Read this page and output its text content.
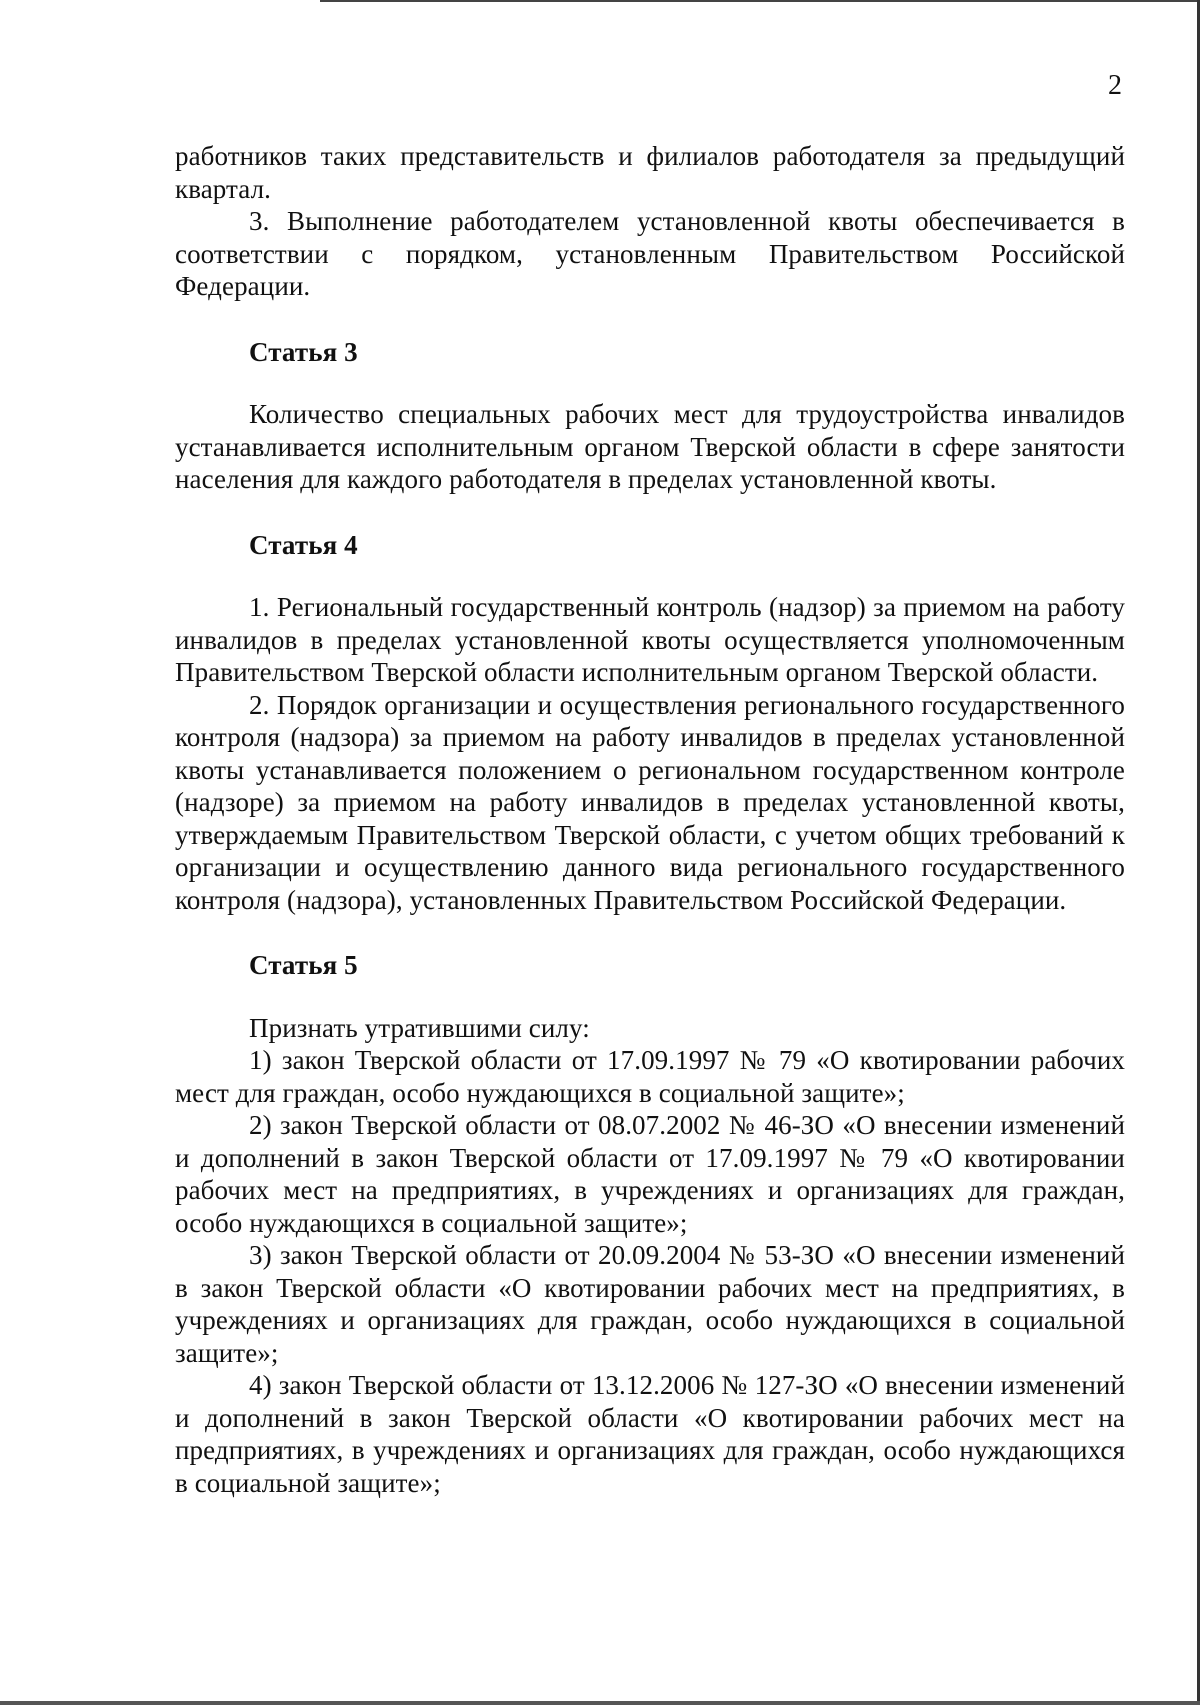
2

работников таких представительств и филиалов работодателя за предыдущий квартал.

3. Выполнение работодателем установленной квоты обеспечивается в соответствии с порядком, установленным Правительством Российской Федерации.

Статья 3

Количество специальных рабочих мест для трудоустройства инвалидов устанавливается исполнительным органом Тверской области в сфере занятости населения для каждого работодателя в пределах установленной квоты.

Статья 4

1. Региональный государственный контроль (надзор) за приемом на работу инвалидов в пределах установленной квоты осуществляется уполномоченным Правительством Тверской области исполнительным органом Тверской области.

2. Порядок организации и осуществления регионального государственного контроля (надзора) за приемом на работу инвалидов в пределах установленной квоты устанавливается положением о региональном государственном контроле (надзоре) за приемом на работу инвалидов в пределах установленной квоты, утверждаемым Правительством Тверской области, с учетом общих требований к организации и осуществлению данного вида регионального государственного контроля (надзора), установленных Правительством Российской Федерации.

Статья 5

Признать утратившими силу:

1) закон Тверской области от 17.09.1997 № 79 «О квотировании рабочих мест для граждан, особо нуждающихся в социальной защите»;

2) закон Тверской области от 08.07.2002 № 46-ЗО «О внесении изменений и дополнений в закон Тверской области от 17.09.1997 № 79 «О квотировании рабочих мест на предприятиях, в учреждениях и организациях для граждан, особо нуждающихся в социальной защите»;

3) закон Тверской области от 20.09.2004 № 53-ЗО «О внесении изменений в закон Тверской области «О квотировании рабочих мест на предприятиях, в учреждениях и организациях для граждан, особо нуждающихся в социальной защите»;

4) закон Тверской области от 13.12.2006 № 127-ЗО «О внесении изменений и дополнений в закон Тверской области «О квотировании рабочих мест на предприятиях, в учреждениях и организациях для граждан, особо нуждающихся в социальной защите»;
